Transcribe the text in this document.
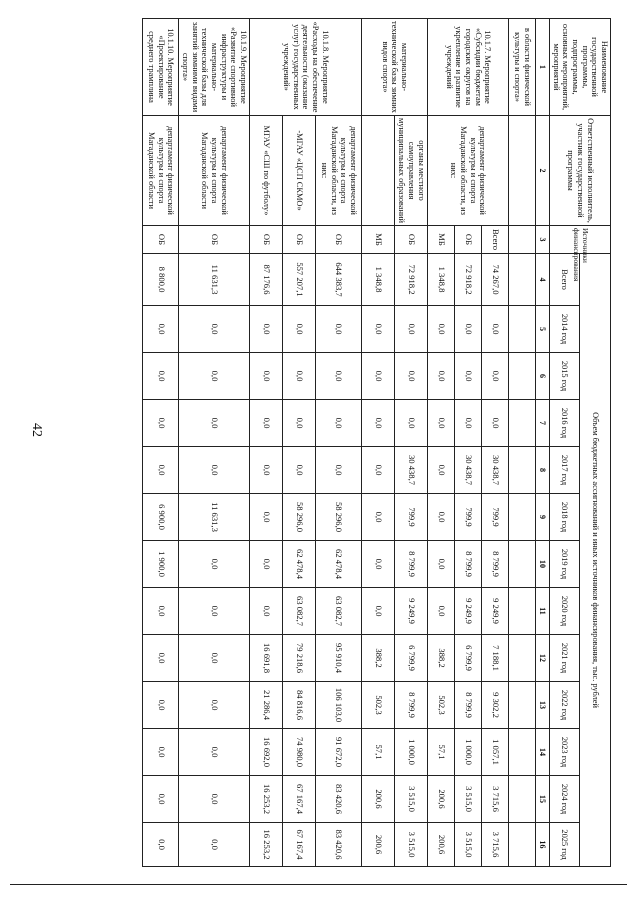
42
Наименование государственной программы, подпрограммы, основных мероприятий, мероприятий	Ответственный исполнитель, участник государственной программы	Источники финансирования	Объем бюджетных ассигнований и иных источников финансирования, тыс. рублей												
			Всего	2014 год	2015 год	2016 год	2017 год	2018 год	2019 год	2020 год	2021 год	2022 год	2023 год	2024 год	2025 год
1	2	3	4	5	6	7	8	9	10	11	12	13	14	15	16
в области физической культуры и спорта»															
10.1.7. Мероприятие «Субсидии бюджетам городских округов на укрепление и развитие учреждений	департамент физической культуры и спорта Магаданской области, из них:	Всего	74 267,0	0,0	0,0	0,0	30 438,7	799,9	8 799,9	9 249,9	7 188,1	9 302,2	1 057,1	3 715,6	3 715,6
		ОБ	72 918,2	0,0	0,0	0,0	30 438,7	799,9	8 799,9	9 249,9	6 799,9	8 799,9	1 000,0	3 515,0	3 515,0
		МБ	1 348,8	0,0	0,0	0,0	0,0	0,0	0,0	0,0	388,2	502,3	57,1	200,6	200,6
материально-технической базы зимних видов спорта»	органы местного самоуправления муниципальных образований	ОБ	72 918,2	0,0	0,0	0,0	30 438,7	799,9	8 799,9	9 249,9	6 799,9	8 799,9	1 000,0	3 515,0	3 515,0
		МБ	1 348,8	0,0	0,0	0,0	0,0	0,0	0,0	0,0	388,2	502,3	57,1	200,6	200,6
10.1.8. Мероприятие «Расходы на обеспечение деятельности (оказание услуг) государственных учреждений»	департамент физической культуры и спорта Магаданской области, из них:	ОБ	644 383,7	0,0	0,0	0,0	0,0	58 296,0	62 478,4	63 082,7	95 910,4	106 103,0	91 672,0	83 420,6	83 420,6
	-МГАУ «ЦСП СКМО»	ОБ	557 207,1	0,0	0,0	0,0	0,0	58 296,0	62 478,4	63 082,7	79 218,6	84 816,6	74 980,0	67 167,4	67 167,4
	МГАУ «СШ по футболу»	ОБ	87 176,6	0,0	0,0	0,0	0,0	0,0	0,0	0,0	16 691,8	21 286,4	16 692,0	16 253,2	16 253,2
10.1.9. Мероприятие «Развитие спортивной инфраструктуры и материально-технической базы для занятий зимними видами спорта»	департамент физической культуры и спорта Магаданской области	ОБ	11 631,3	0,0	0,0	0,0	0,0	11 631,3	0,0	0,0	0,0	0,0	0,0	0,0	0,0
10.1.10. Мероприятие «Проектирование среднего трамплина	департамент физической культуры и спорта Магаданской области	ОБ	8 800,0	0,0	0,0	0,0	0,0	6 900,0	1 900,0	0,0	0,0	0,0	0,0	0,0	0,0
